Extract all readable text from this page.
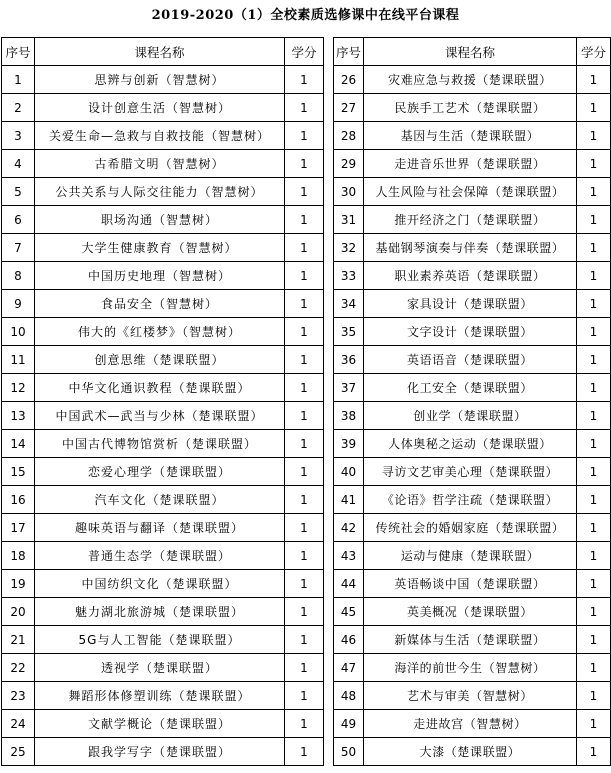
2019-2020（1）全校素质选修课中在线平台课程
序号	课程名称	学分
1	思辨与创新（智慧树）	1
2	设计创意生活（智慧树）	1
3	关爱生命—急救与自救技能（智慧树）	1
4	古希腊文明（智慧树）	1
5	公共关系与人际交往能力（智慧树）	1
6	职场沟通（智慧树）	1
7	大学生健康教育（智慧树）	1
8	中国历史地理（智慧树）	1
9	食品安全（智慧树）	1
10	伟大的《红楼梦》（智慧树）	1
11	创意思维（楚课联盟）	1
12	中华文化通识教程（楚课联盟）	1
13	中国武术—武当与少林（楚课联盟）	1
14	中国古代博物馆赏析（楚课联盟）	1
15	恋爱心理学（楚课联盟）	1
16	汽车文化（楚课联盟）	1
17	趣味英语与翻译（楚课联盟）	1
18	普通生态学（楚课联盟）	1
19	中国纺织文化（楚课联盟）	1
20	魅力湖北旅游城（楚课联盟）	1
21	5G与人工智能（楚课联盟）	1
22	透视学（楚课联盟）	1
23	舞蹈形体修塑训练（楚课联盟）	1
24	文献学概论（楚课联盟）	1
25	跟我学写字（楚课联盟）	1
序号	课程名称	学分
26	灾难应急与救援（楚课联盟）	1
27	民族手工艺术（楚课联盟）	1
28	基因与生活（楚课联盟）	1
29	走进音乐世界（楚课联盟）	1
30	人生风险与社会保障（楚课联盟）	1
31	推开经济之门（楚课联盟）	1
32	基础钢琴演奏与伴奏（楚课联盟）	1
33	职业素养英语（楚课联盟）	1
34	家具设计（楚课联盟）	1
35	文字设计（楚课联盟）	1
36	英语语音（楚课联盟）	1
37	化工安全（楚课联盟）	1
38	创业学（楚课联盟）	1
39	人体奥秘之运动（楚课联盟）	1
40	寻访文艺审美心理（楚课联盟）	1
41	《论语》哲学注疏（楚课联盟）	1
42	传统社会的婚姻家庭（楚课联盟）	1
43	运动与健康（楚课联盟）	1
44	英语畅谈中国（楚课联盟）	1
45	英美概况（楚课联盟）	1
46	新媒体与生活（楚课联盟）	1
47	海洋的前世今生（智慧树）	1
48	艺术与审美（智慧树）	1
49	走进故宫（智慧树）	1
50	大漆（楚课联盟）	1
